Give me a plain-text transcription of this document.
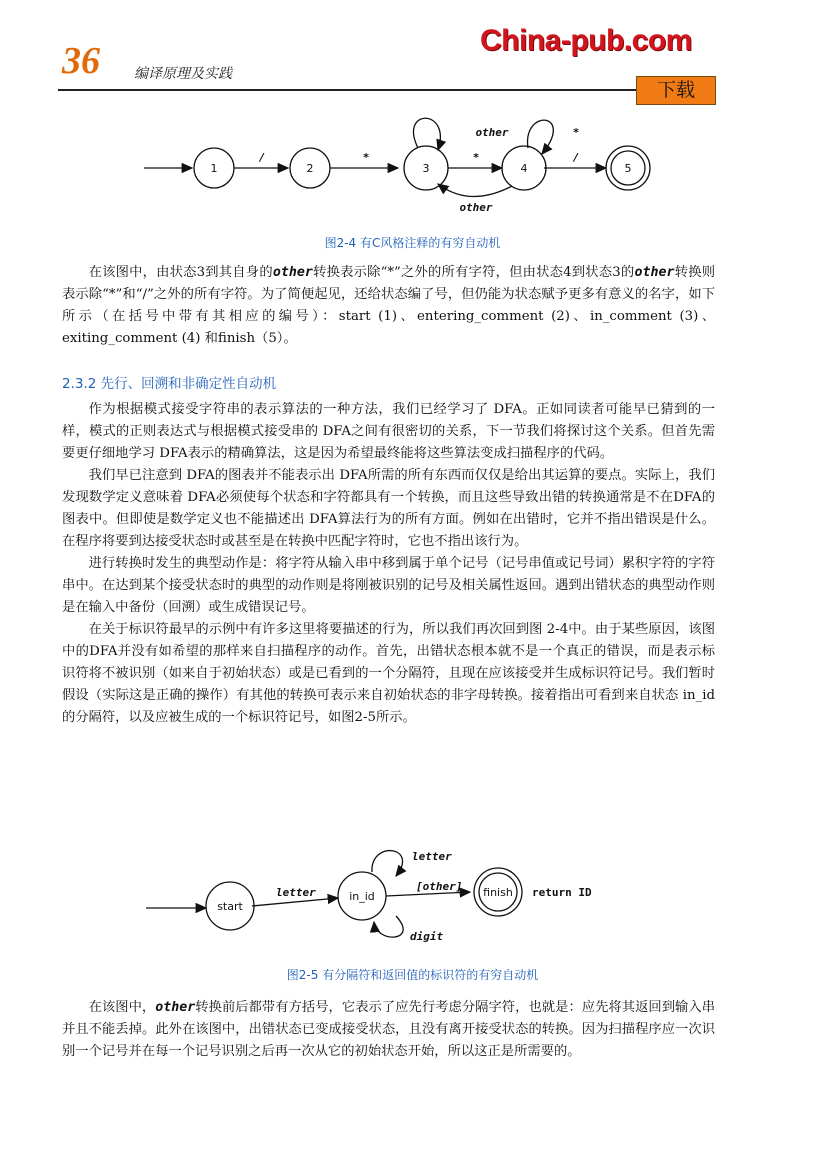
36 编译原理及实践
China-pub.com
下载
1	2	3	4	5
/	*	*	/
other	*
other
图2-4 有C风格注释的有穷自动机

在该图中，由状态3到其自身的other转换表示除“*”之外的所有字符，但由状态4到状态3的other转换则表示除“*”和“/”之外的所有字符。为了简便起见，还给状态编了号，但仍能为状态赋予更多有意义的名字，如下所示（在括号中带有其相应的编号）：start (1)、entering_comment (2)、in_comment (3)、exiting_comment (4) 和finish（5）。

2.3.2 先行、回溯和非确定性自动机

作为根据模式接受字符串的表示算法的一种方法，我们已经学习了 DFA。正如同读者可能早已猜到的一样，模式的正则表达式与根据模式接受串的 DFA之间有很密切的关系，下一节我们将探讨这个关系。但首先需要更仔细地学习 DFA表示的精确算法，这是因为希望最终能将这些算法变成扫描程序的代码。

我们早已注意到 DFA的图表并不能表示出 DFA所需的所有东西而仅仅是给出其运算的要点。实际上，我们发现数学定义意味着 DFA必须使每个状态和字符都具有一个转换，而且这些导致出错的转换通常是不在DFA的图表中。但即使是数学定义也不能描述出 DFA算法行为的所有方面。例如在出错时，它并不指出错误是什么。在程序将要到达接受状态时或甚至是在转换中匹配字符时，它也不指出该行为。

进行转换时发生的典型动作是：将字符从输入串中移到属于单个记号（记号串值或记号词）累积字符的字符串中。在达到某个接受状态时的典型的动作则是将刚被识别的记号及相关属性返回。遇到出错状态的典型动作则是在输入中备份（回溯）或生成错误记号。

在关于标识符最早的示例中有许多这里将要描述的行为，所以我们再次回到图 2-4中。由于某些原因，该图中的DFA并没有如希望的那样来自扫描程序的动作。首先，出错状态根本就不是一个真正的错误，而是表示标识符将不被识别（如来自于初始状态）或是已看到的一个分隔符，且现在应该接受并生成标识符记号。我们暂时假设（实际这是正确的操作）有其他的转换可表示来自初始状态的非字母转换。接着指出可看到来自状态 in_id的分隔符，以及应被生成的一个标识符记号，如图2-5所示。

start
in_id	finish
letter
letter
digit
[other]	return ID
图2-5 有分隔符和返回值的标识符的有穷自动机

在该图中，other转换前后都带有方括号，它表示了应先行考虑分隔字符，也就是：应先将其返回到输入串并且不能丢掉。此外在该图中，出错状态已变成接受状态，且没有离开接受状态的转换。因为扫描程序应一次识别一个记号并在每一个记号识别之后再一次从它的初始状态开始，所以这正是所需要的。
